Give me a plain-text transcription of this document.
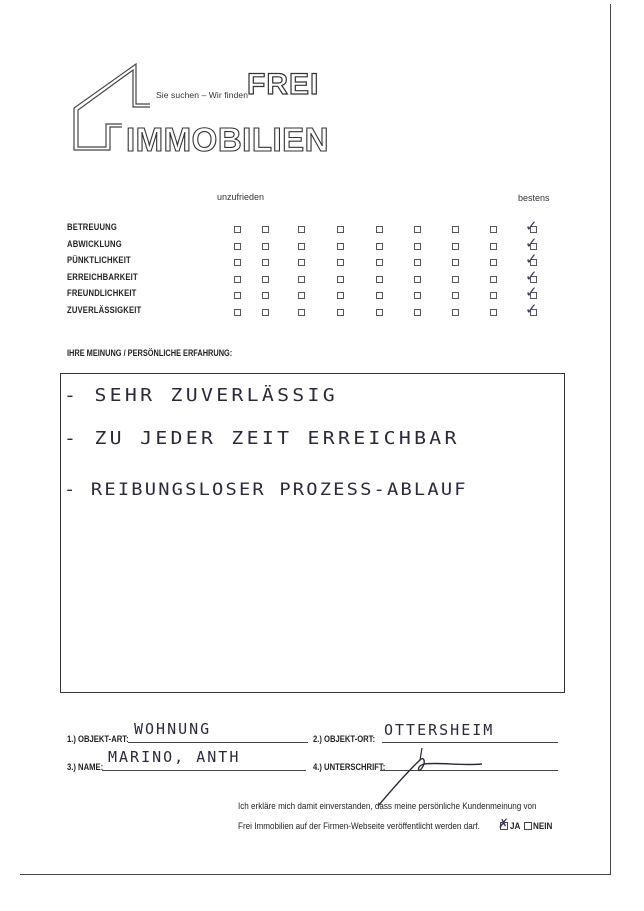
Sie suchen – Wir finden
FREI
IMMOBILIEN
unzufrieden	bestens
BETREUUNG	✓
ABWICKLUNG	✓
PÜNKTLICHKEIT	✓
ERREICHBARKEIT	✓
FREUNDLICHKEIT	✓
ZUVERLÄSSIGKEIT	✓
IHRE MEINUNG / PERSÖNLICHE ERFAHRUNG:
- SEHR ZUVERLÄSSIG
- ZU JEDER ZEIT ERREICHBAR
- REIBUNGSLOSER PROZESS-ABLAUF
1.) OBJEKT-ART:
WOHNUNG
2.) OBJEKT-ORT: OTTERSHEIM
3.) NAME:
MARINO, ANTH
4.) UNTERSCHRIFT:
Ich erkläre mich damit einverstanden, dass meine persönliche Kundenmeinung von
Frei Immobilien auf der Firmen-Webseite veröffentlicht werden darf. ✗ JA NEIN
